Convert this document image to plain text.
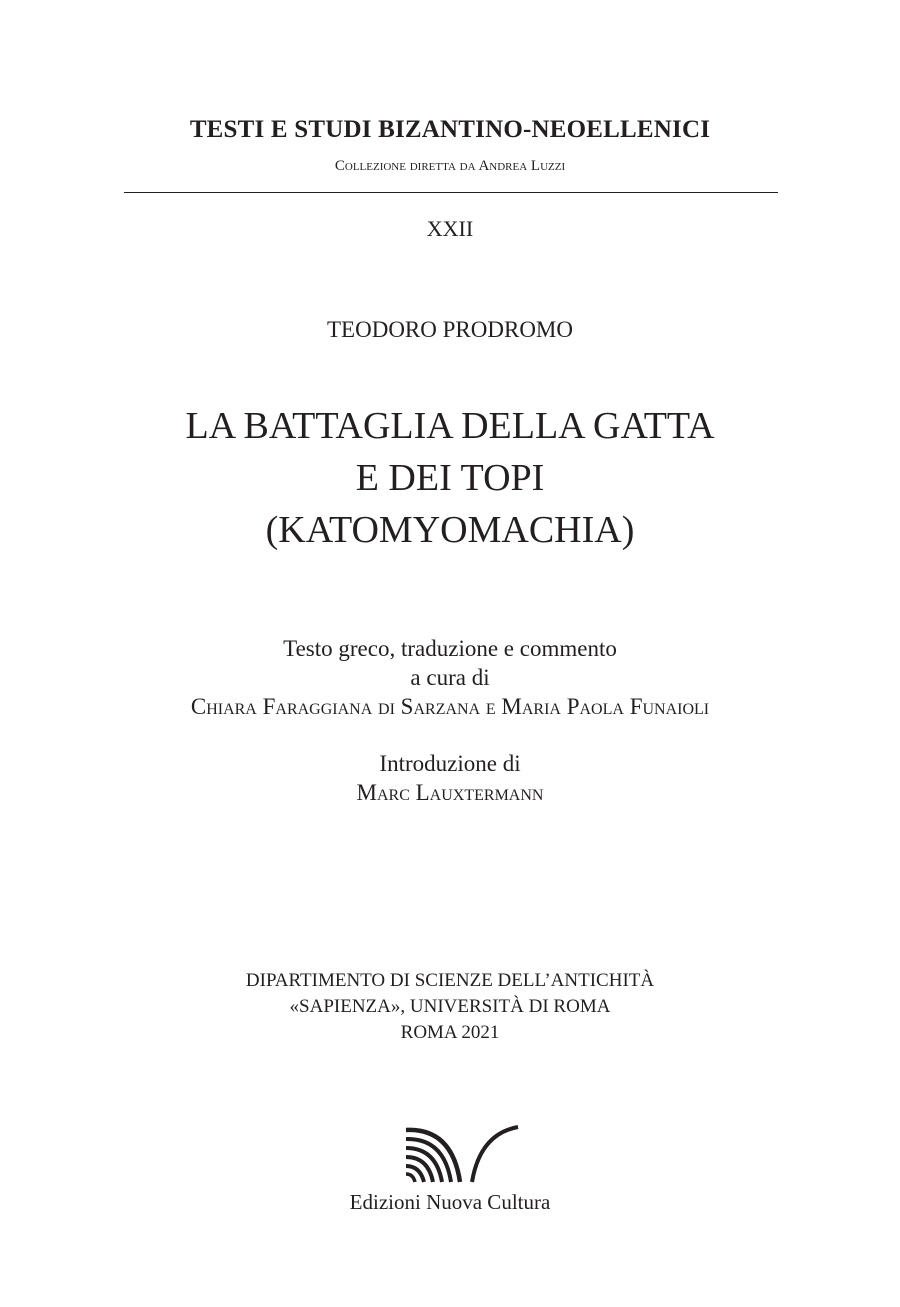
TESTI E STUDI BIZANTINO-NEOELLENICI
Collezione diretta da Andrea Luzzi
XXII
TEODORO PRODROMO
LA BATTAGLIA DELLA GATTA
E DEI TOPI
(KATOMYOMACHIA)
Testo greco, traduzione e commento
a cura di
Chiara Faraggiana di Sarzana e Maria Paola Funaioli
Introduzione di
Marc Lauxtermann
DIPARTIMENTO DI SCIENZE DELL’ANTICHITÀ
«SAPIENZA», UNIVERSITÀ DI ROMA
ROMA 2021
Edizioni Nuova Cultura
